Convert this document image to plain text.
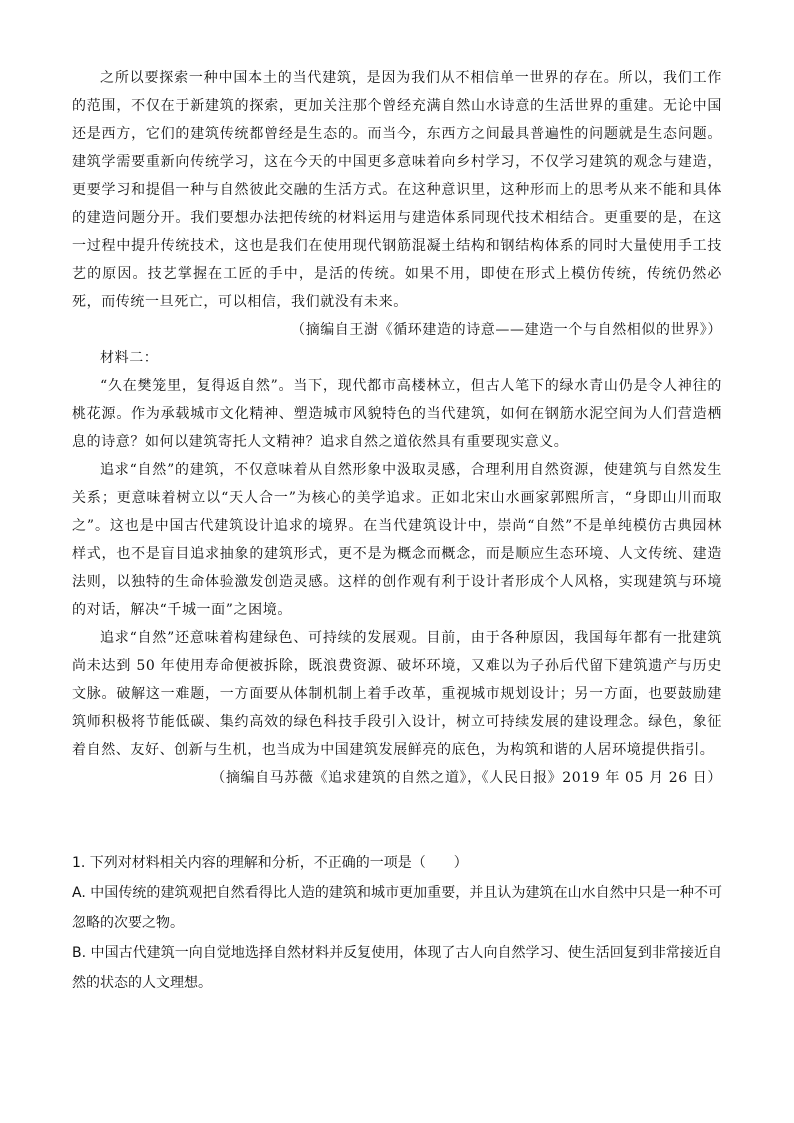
之所以要探索一种中国本土的当代建筑，是因为我们从不相信单一世界的存在。所以，我们工作的范围，不仅在于新建筑的探索，更加关注那个曾经充满自然山水诗意的生活世界的重建。无论中国还是西方，它们的建筑传统都曾经是生态的。而当今，东西方之间最具普遍性的问题就是生态问题。建筑学需要重新向传统学习，这在今天的中国更多意味着向乡村学习，不仅学习建筑的观念与建造，更要学习和提倡一种与自然彼此交融的生活方式。在这种意识里，这种形而上的思考从来不能和具体的建造问题分开。我们要想办法把传统的材料运用与建造体系同现代技术相结合。更重要的是，在这一过程中提升传统技术，这也是我们在使用现代钢筋混凝土结构和钢结构体系的同时大量使用手工技艺的原因。技艺掌握在工匠的手中，是活的传统。如果不用，即使在形式上模仿传统，传统仍然必死，而传统一旦死亡，可以相信，我们就没有未来。

（摘编自王澍《循环建造的诗意——建造一个与自然相似的世界》）

材料二：

“久在樊笼里，复得返自然”。当下，现代都市高楼林立，但古人笔下的绿水青山仍是令人神往的桃花源。作为承载城市文化精神、塑造城市风貌特色的当代建筑，如何在钢筋水泥空间为人们营造栖息的诗意？如何以建筑寄托人文精神？追求自然之道依然具有重要现实意义。

追求“自然”的建筑，不仅意味着从自然形象中汲取灵感，合理利用自然资源，使建筑与自然发生关系；更意味着树立以“天人合一”为核心的美学追求。正如北宋山水画家郭熙所言，“身即山川而取之”。这也是中国古代建筑设计追求的境界。在当代建筑设计中，崇尚“自然”不是单纯模仿古典园林样式，也不是盲目追求抽象的建筑形式，更不是为概念而概念，而是顺应生态环境、人文传统、建造法则，以独特的生命体验激发创造灵感。这样的创作观有利于设计者形成个人风格，实现建筑与环境的对话，解决“千城一面”之困境。

追求“自然”还意味着构建绿色、可持续的发展观。目前，由于各种原因，我国每年都有一批建筑尚未达到 50 年使用寿命便被拆除，既浪费资源、破坏环境，又难以为子孙后代留下建筑遗产与历史文脉。破解这一难题，一方面要从体制机制上着手改革，重视城市规划设计；另一方面，也要鼓励建筑师积极将节能低碳、集约高效的绿色科技手段引入设计，树立可持续发展的建设理念。绿色，象征着自然、友好、创新与生机，也当成为中国建筑发展鲜亮的底色，为构筑和谐的人居环境提供指引。

（摘编自马苏薇《追求建筑的自然之道》，《人民日报》2019 年 05 月 26 日）

1. 下列对材料相关内容的理解和分析，不正确的一项是（　　）

A. 中国传统的建筑观把自然看得比人造的建筑和城市更加重要，并且认为建筑在山水自然中只是一种不可忽略的次要之物。

B. 中国古代建筑一向自觉地选择自然材料并反复使用，体现了古人向自然学习、使生活回复到非常接近自然的状态的人文理想。
